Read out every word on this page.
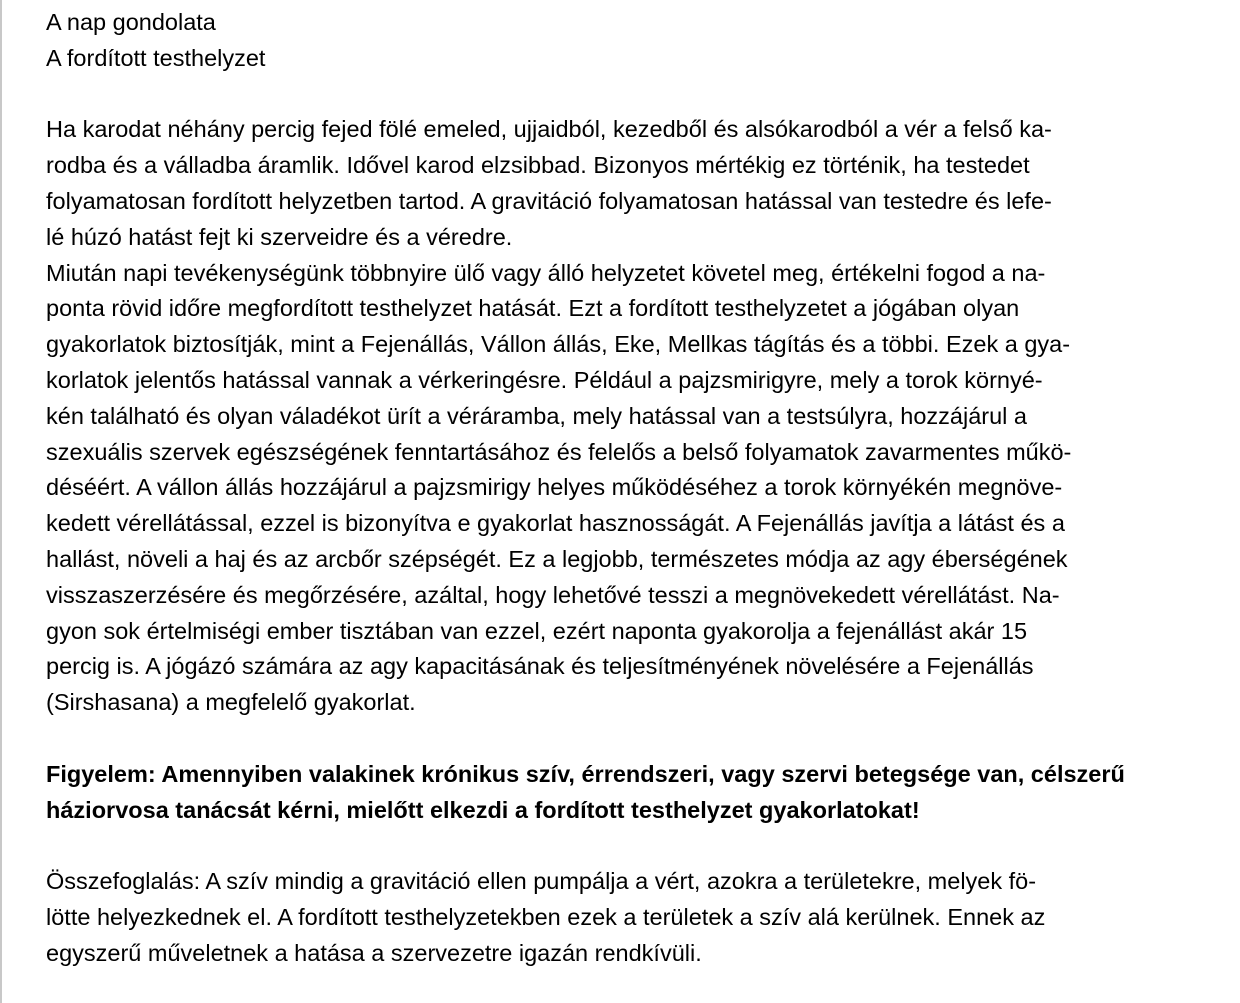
A nap gondolata
A fordított testhelyzet
Ha karodat néhány percig fejed fölé emeled, ujjaidból, kezedből és alsókarodból a vér a felső ka-
rodba és a válladba áramlik. Idővel karod elzsibbad. Bizonyos mértékig ez történik, ha testedet
folyamatosan fordított helyzetben tartod. A gravitáció folyamatosan hatással van testedre és lefe-
lé húzó hatást fejt ki szerveidre és a véredre.
Miután napi tevékenységünk többnyire ülő vagy álló helyzetet követel meg, értékelni fogod a na-
ponta rövid időre megfordított testhelyzet hatását. Ezt a fordított testhelyzetet a jógában olyan
gyakorlatok biztosítják, mint a Fejenállás, Vállon állás, Eke, Mellkas tágítás és a többi. Ezek a gya-
korlatok jelentős hatással vannak a vérkeringésre. Például a pajzsmirigyre, mely a torok környé-
kén található és olyan váladékot ürít a véráramba, mely hatással van a testsúlyra, hozzájárul a
szexuális szervek egészségének fenntartásához és felelős a belső folyamatok zavarmentes műkö-
déséért. A vállon állás hozzájárul a pajzsmirigy helyes működéséhez a torok környékén megnöve-
kedett vérellátással, ezzel is bizonyítva e gyakorlat hasznosságát. A Fejenállás javítja a látást és a
hallást, növeli a haj és az arcbőr szépségét. Ez a legjobb, természetes módja az agy éberségének
visszaszerzésére és megőrzésére, azáltal, hogy lehetővé tesszi a megnövekedett vérellátást. Na-
gyon sok értelmiségi ember tisztában van ezzel, ezért naponta gyakorolja a fejenállást akár 15
percig is. A jógázó számára az agy kapacitásának és teljesítményének növelésére a Fejenállás
(Sirshasana) a megfelelő gyakorlat.
Figyelem: Amennyiben valakinek krónikus szív, érrendszeri, vagy szervi betegsége van, célszerű
háziorvosa tanácsát kérni, mielőtt elkezdi a fordított testhelyzet gyakorlatokat!
Összefoglalás: A szív mindig a gravitáció ellen pumpálja a vért, azokra a területekre, melyek fö-
lötte helyezkednek el. A fordított testhelyzetekben ezek a területek a szív alá kerülnek. Ennek az
egyszerű műveletnek a hatása a szervezetre igazán rendkívüli.
